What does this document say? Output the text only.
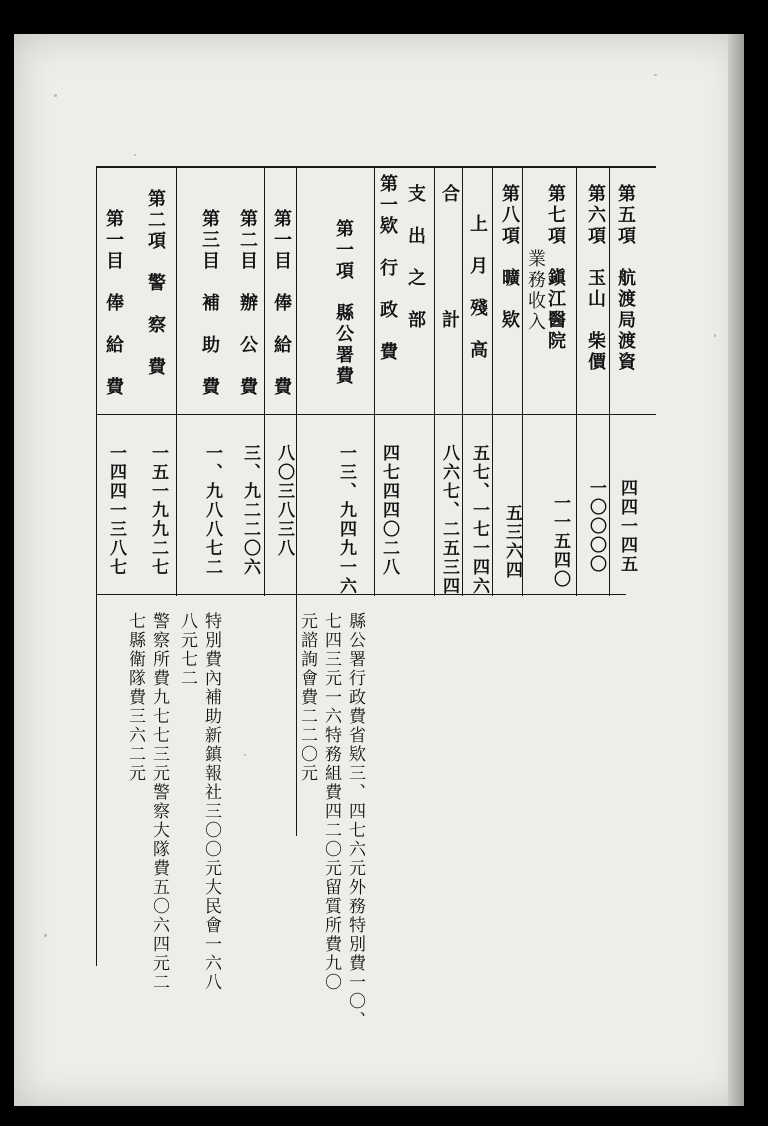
第五項　航渡局渡資
第六項　玉山　柴價
第七項　鎭江醫院
業務收入
第八項　曠　欵
上　月　殘　高
合　　　　　計
支　出　之　部
第一欵　行　政　費
第一項　縣公署費
第一目　俸　給　費
第二目　辦　公　費
第三目　補　助　費
第二項　警　察　費
第一目　俸　給　費
四四一四五
一〇〇〇〇
一一五四〇
五三六四
五七、一七一四六
八六七、二五三四
四七四四〇二八
一三、九四九一六
八〇三八三八
三、九二二〇六
一、九八八七二
一五一九九二七
一四四一三八七
縣公署行政費省欵三、四七六元外務特別費一〇、
七四三元一六特務組費四二〇元留質所費九〇
元諮詢會費二二〇元
特別費內補助新鎮報社三〇〇元大民會一六八
八元七二
警察所費九七七三元警察大隊費五〇六四元二
七縣衛隊費三六二元
